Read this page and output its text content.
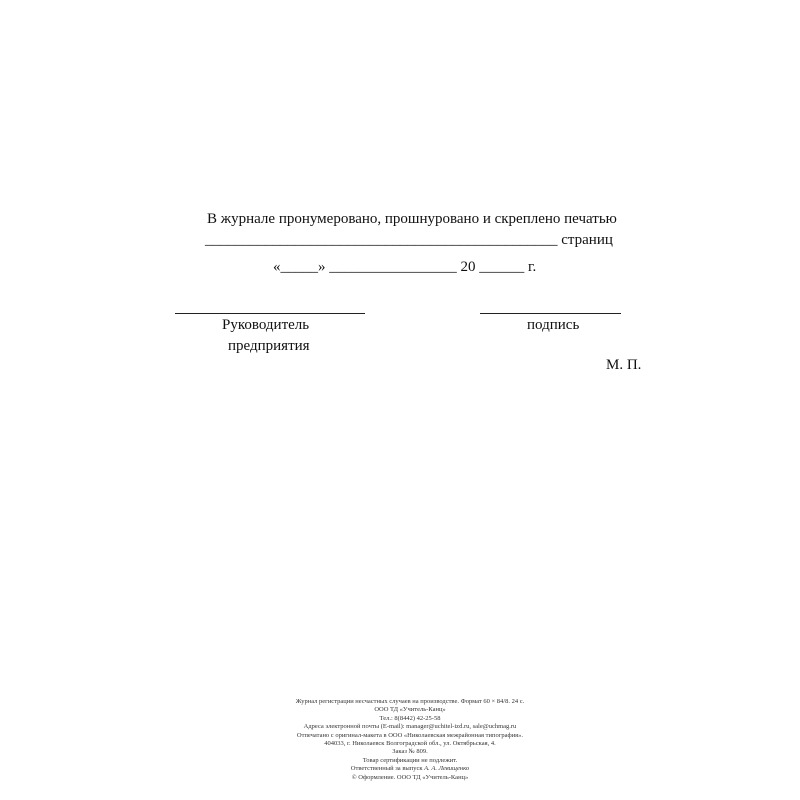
В журнале пронумеровано, прошнуровано и скреплено печатью
_______________________________________________ страниц
«_____» _________________ 20 ______ г.
Руководитель
предприятия
подпись
М. П.
Журнал регистрации несчастных случаев на производстве. Формат 60 × 84/8. 24 с.
ООО ТД «Учитель-Канц»
Тел.: 8(8442) 42-25-58
Адреса электронной почты (E-mail): manager@uchitel-izd.ru, sale@uchmag.ru
Отпечатано с оригинал-макета в ООО «Николаевская межрайонная типография».
404033, г. Николаевск Волгоградской обл., ул. Октябрьская, 4.
Заказ № 809.
Товар сертификации не подлежит.
Ответственный за выпуск А. А. Левищенко
© Оформление. ООО ТД «Учитель-Канц»
